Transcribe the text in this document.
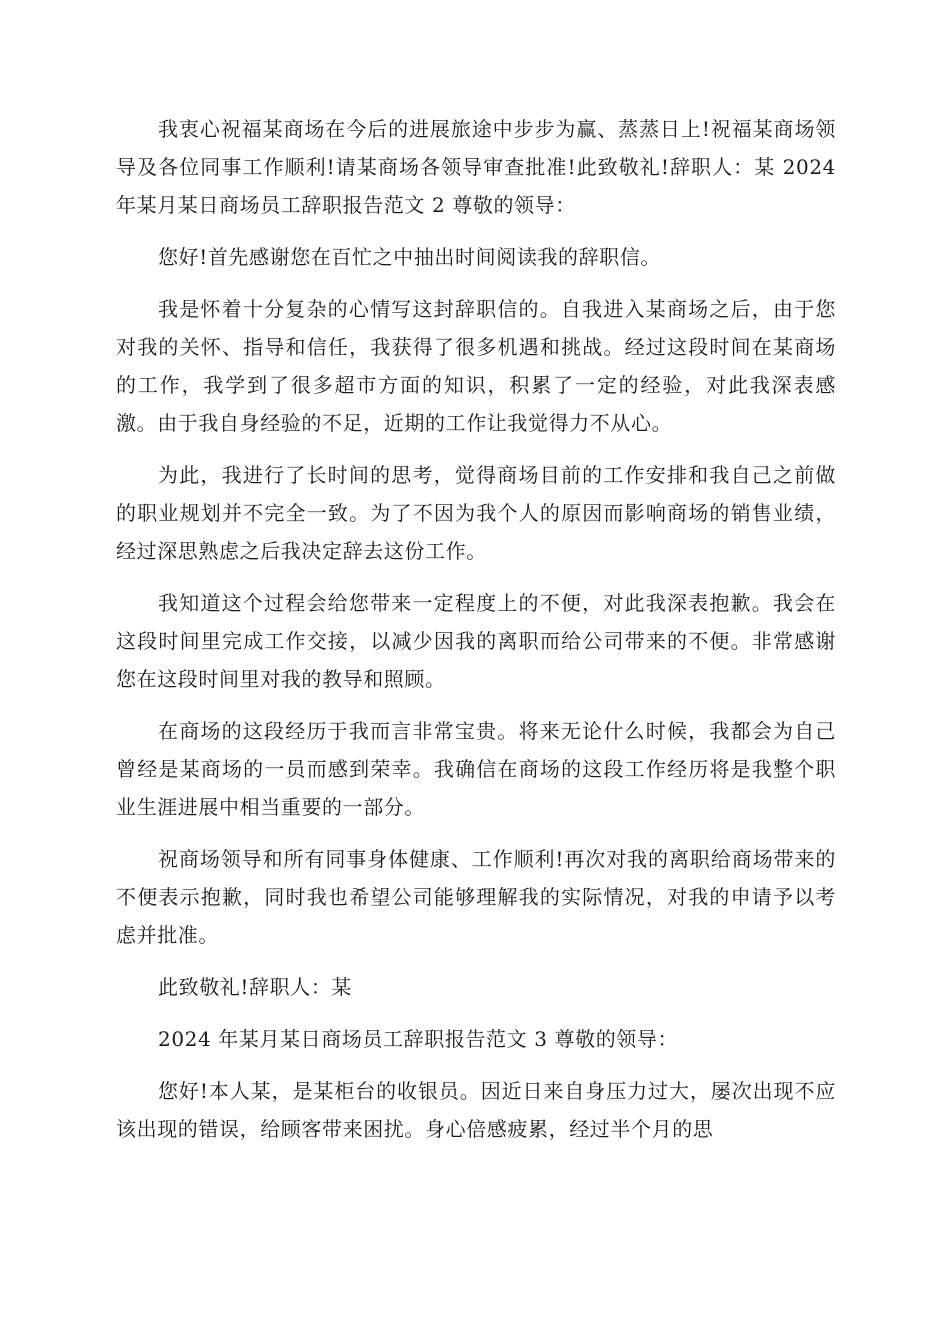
我衷心祝福某商场在今后的进展旅途中步步为赢、蒸蒸日上!祝福某商场领导及各位同事工作顺利!请某商场各领导审查批准!此致敬礼!辞职人：某 2024 年某月某日商场员工辞职报告范文 2 尊敬的领导：

您好!首先感谢您在百忙之中抽出时间阅读我的辞职信。

我是怀着十分复杂的心情写这封辞职信的。自我进入某商场之后，由于您对我的关怀、指导和信任，我获得了很多机遇和挑战。经过这段时间在某商场的工作，我学到了很多超市方面的知识，积累了一定的经验，对此我深表感激。由于我自身经验的不足，近期的工作让我觉得力不从心。

为此，我进行了长时间的思考，觉得商场目前的工作安排和我自己之前做的职业规划并不完全一致。为了不因为我个人的原因而影响商场的销售业绩，经过深思熟虑之后我决定辞去这份工作。

我知道这个过程会给您带来一定程度上的不便，对此我深表抱歉。我会在这段时间里完成工作交接，以减少因我的离职而给公司带来的不便。非常感谢您在这段时间里对我的教导和照顾。

在商场的这段经历于我而言非常宝贵。将来无论什么时候，我都会为自己曾经是某商场的一员而感到荣幸。我确信在商场的这段工作经历将是我整个职业生涯进展中相当重要的一部分。

祝商场领导和所有同事身体健康、工作顺利!再次对我的离职给商场带来的不便表示抱歉，同时我也希望公司能够理解我的实际情况，对我的申请予以考虑并批准。

此致敬礼!辞职人：某

2024 年某月某日商场员工辞职报告范文 3 尊敬的领导：

您好!本人某，是某柜台的收银员。因近日来自身压力过大，屡次出现不应该出现的错误，给顾客带来困扰。身心倍感疲累，经过半个月的思
